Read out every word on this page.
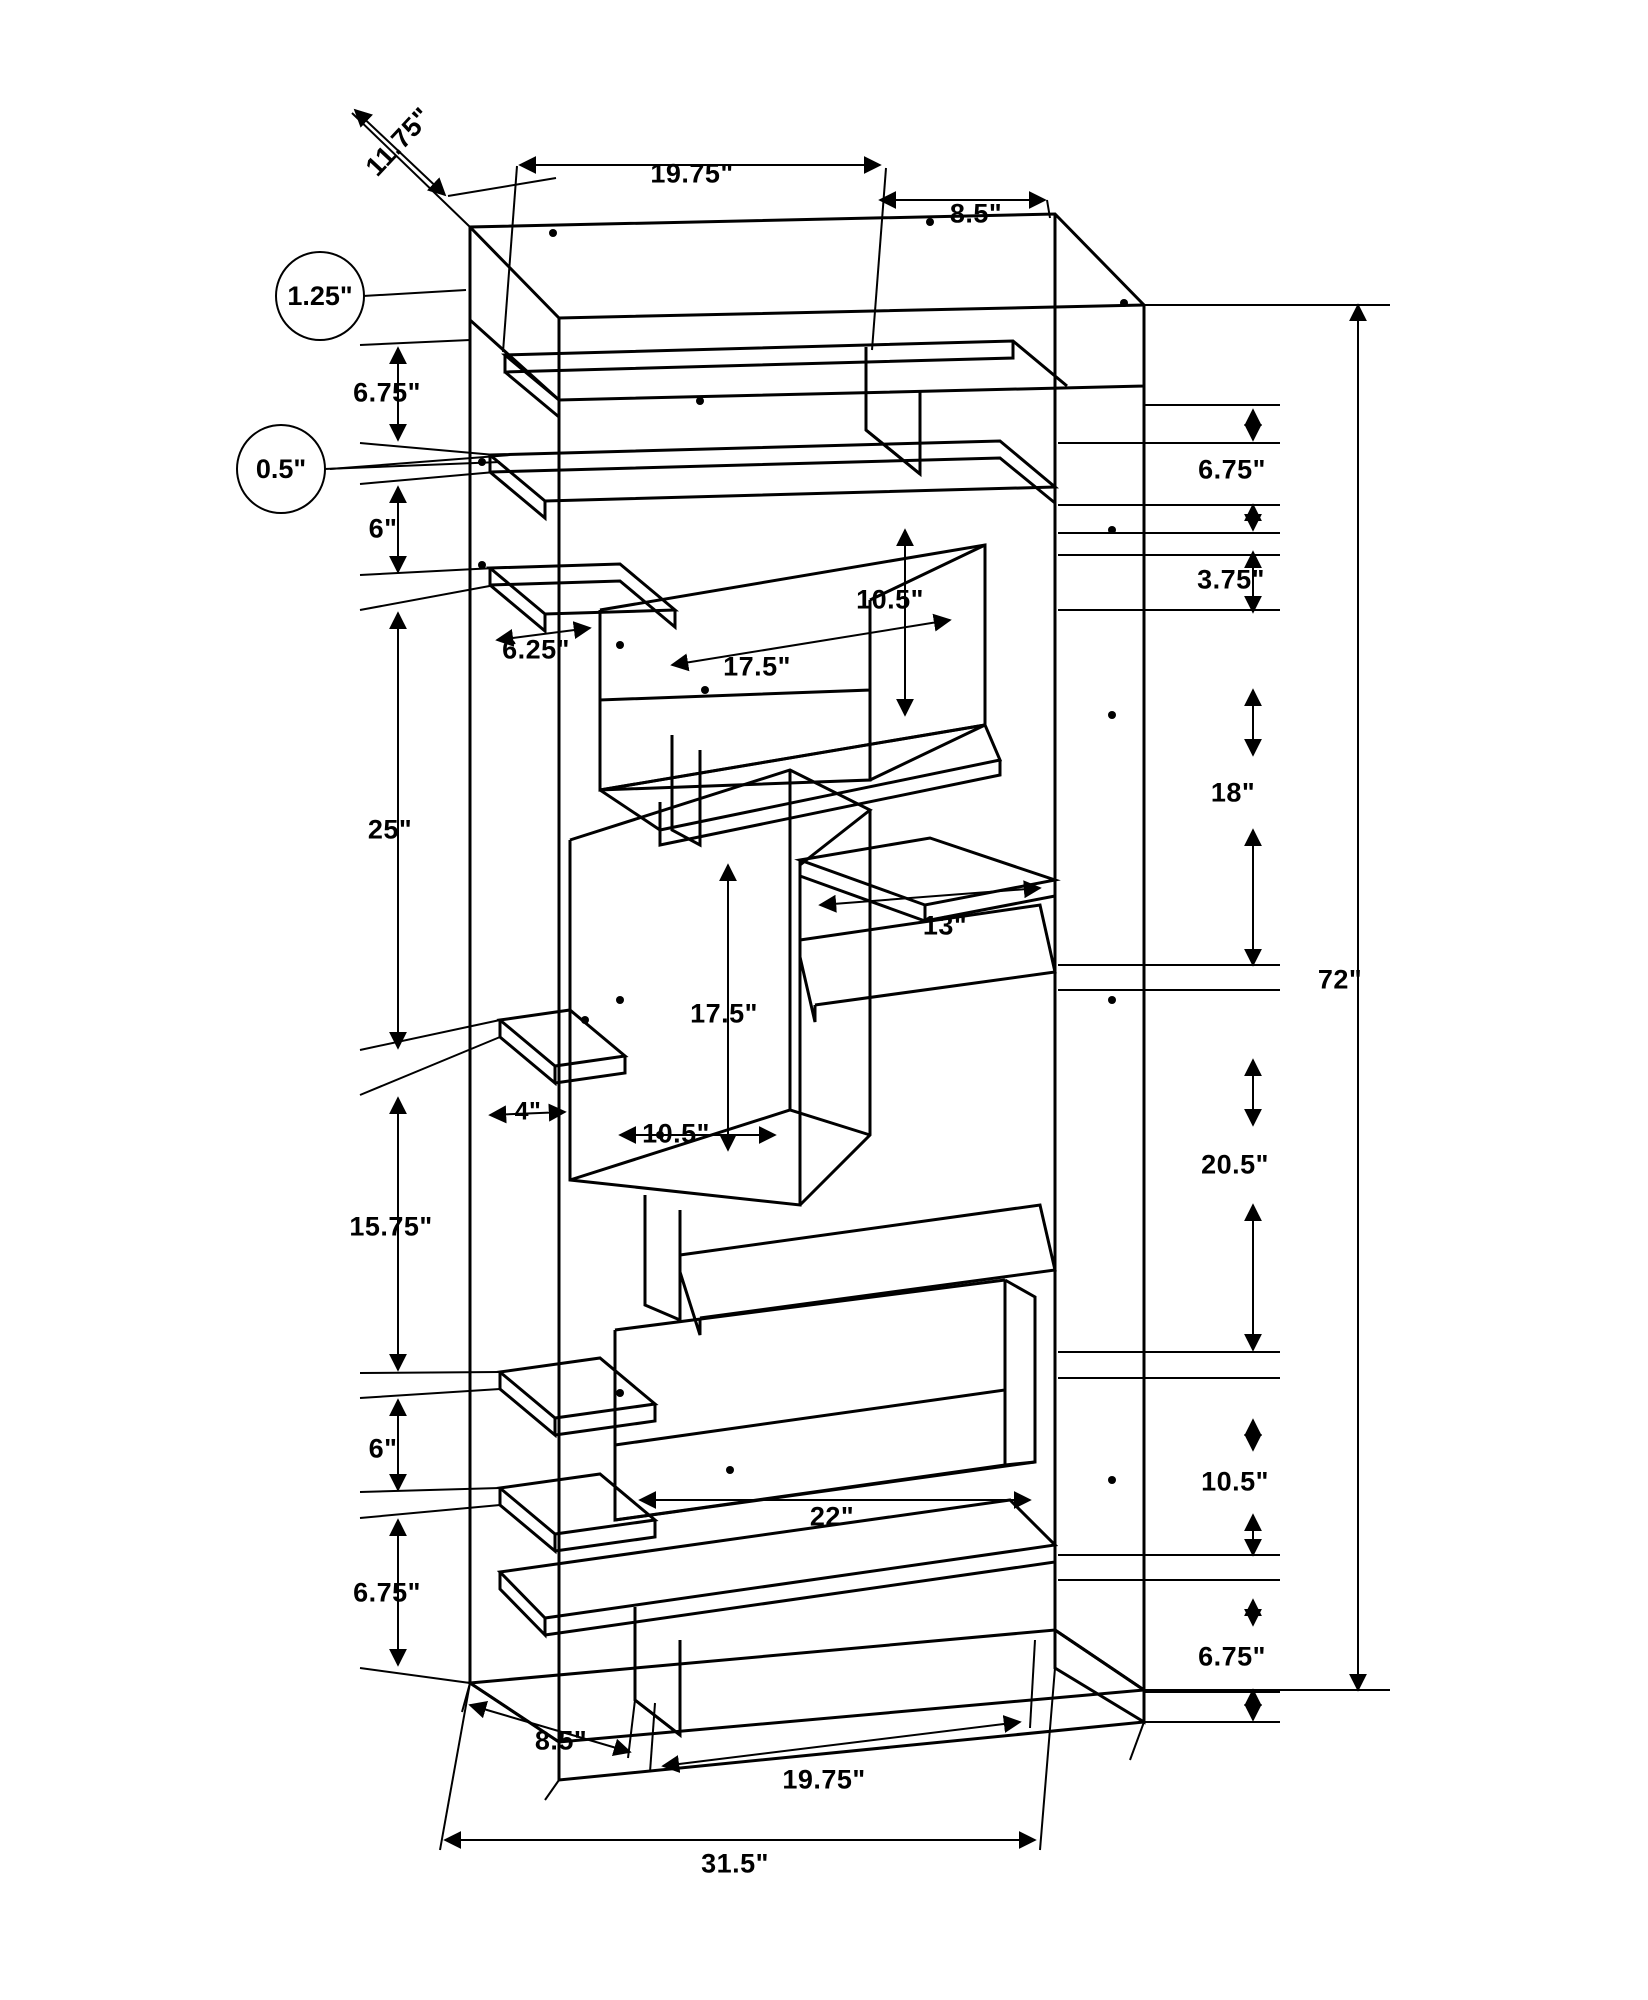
1.25"
0.5"
11.75"	19.75"
8.5"
6.75"
6"
25"
15.75"
6"
6.75"
6.75"
3.75"
18"
20.5"
10.5"
6.75"
72"
10.5"
6.25"
17.5"
13"
17.5"
4"
10.5"
22"
8.5"
19.75"
31.5"
